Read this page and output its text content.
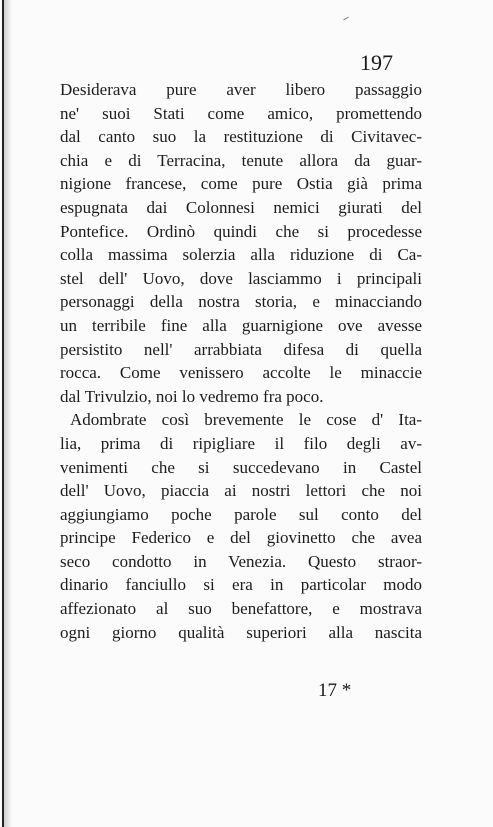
197
Desiderava pure aver libero passaggio
ne' suoi Stati come amico, promettendo
dal canto suo la restituzione di Civitavec-
chia e di Terracina, tenute allora da guar-
nigione francese, come pure Ostia già prima
espugnata dai Colonnesi nemici giurati del
Pontefice. Ordinò quindi che si procedesse
colla massima solerzia alla riduzione di Ca-
stel dell' Uovo, dove lasciammo i principali
personaggi della nostra storia, e minacciando
un terribile fine alla guarnigione ove avesse
persistito nell' arrabbiata difesa di quella
rocca. Come venissero accolte le minaccie
dal Trivulzio, noi lo vedremo fra poco.
Adombrate così brevemente le cose d' Ita-
lia, prima di ripigliare il filo degli av-
venimenti che si succedevano in Castel
dell' Uovo, piaccia ai nostri lettori che noi
aggiungiamo poche parole sul conto del
principe Federico e del giovinetto che avea
seco condotto in Venezia. Questo straor-
dinario fanciullo si era in particolar modo
affezionato al suo benefattore, e mostrava
ogni giorno qualità superiori alla nascita
17 *
